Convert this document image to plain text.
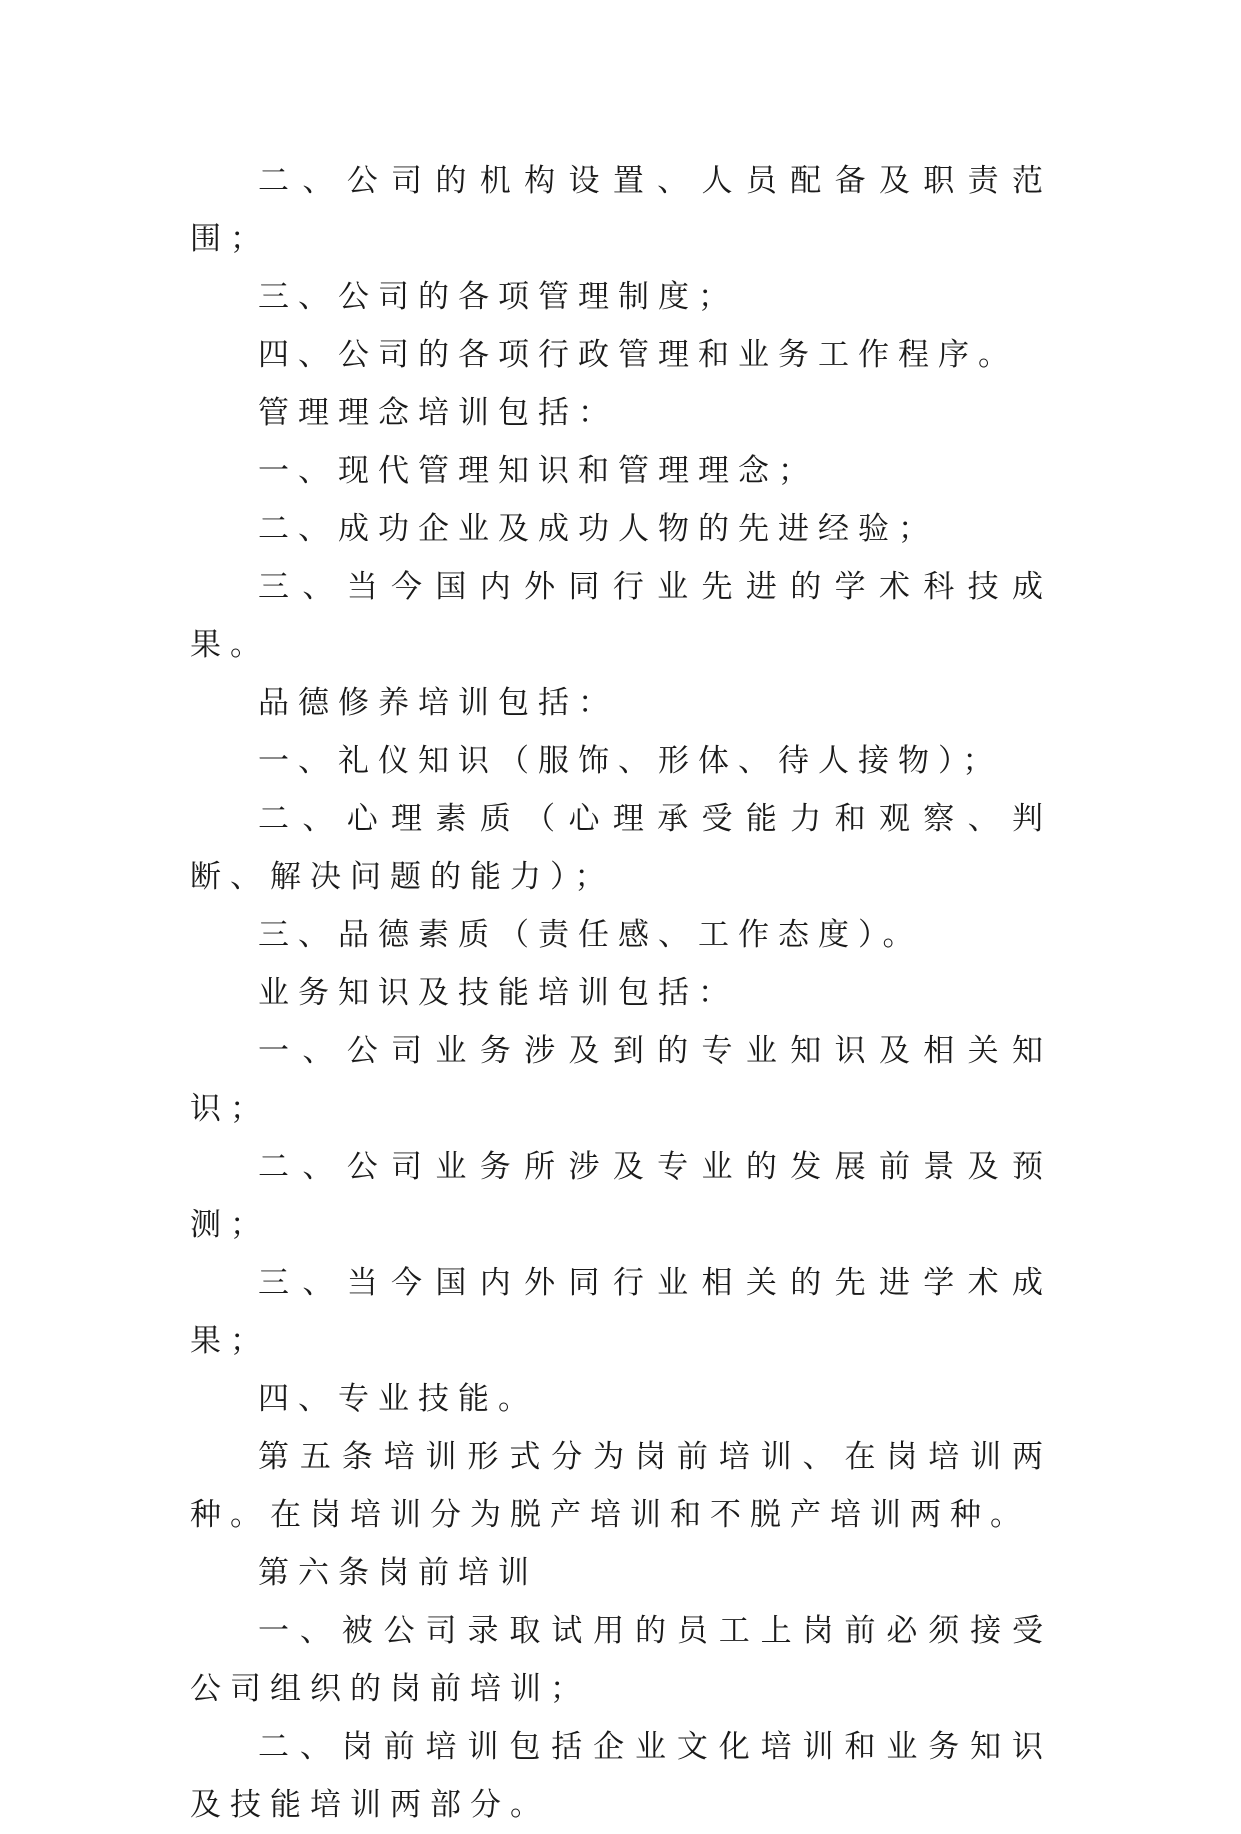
二、公司的机构设置、人员配备及职责范围；

三、公司的各项管理制度；

四、公司的各项行政管理和业务工作程序。

管理理念培训包括：

一、现代管理知识和管理理念；

二、成功企业及成功人物的先进经验；

三、当今国内外同行业先进的学术科技成果。

品德修养培训包括：

一、礼仪知识（服饰、形体、待人接物）；

二、心理素质（心理承受能力和观察、判断、解决问题的能力）；

三、品德素质（责任感、工作态度）。

业务知识及技能培训包括：

一、公司业务涉及到的专业知识及相关知识；

二、公司业务所涉及专业的发展前景及预测；

三、当今国内外同行业相关的先进学术成果；

四、专业技能。

第五条培训形式分为岗前培训、在岗培训两种。在岗培训分为脱产培训和不脱产培训两种。

第六条岗前培训

一、被公司录取试用的员工上岗前必须接受公司组织的岗前培训；

二、岗前培训包括企业文化培训和业务知识及技能培训两部分。
